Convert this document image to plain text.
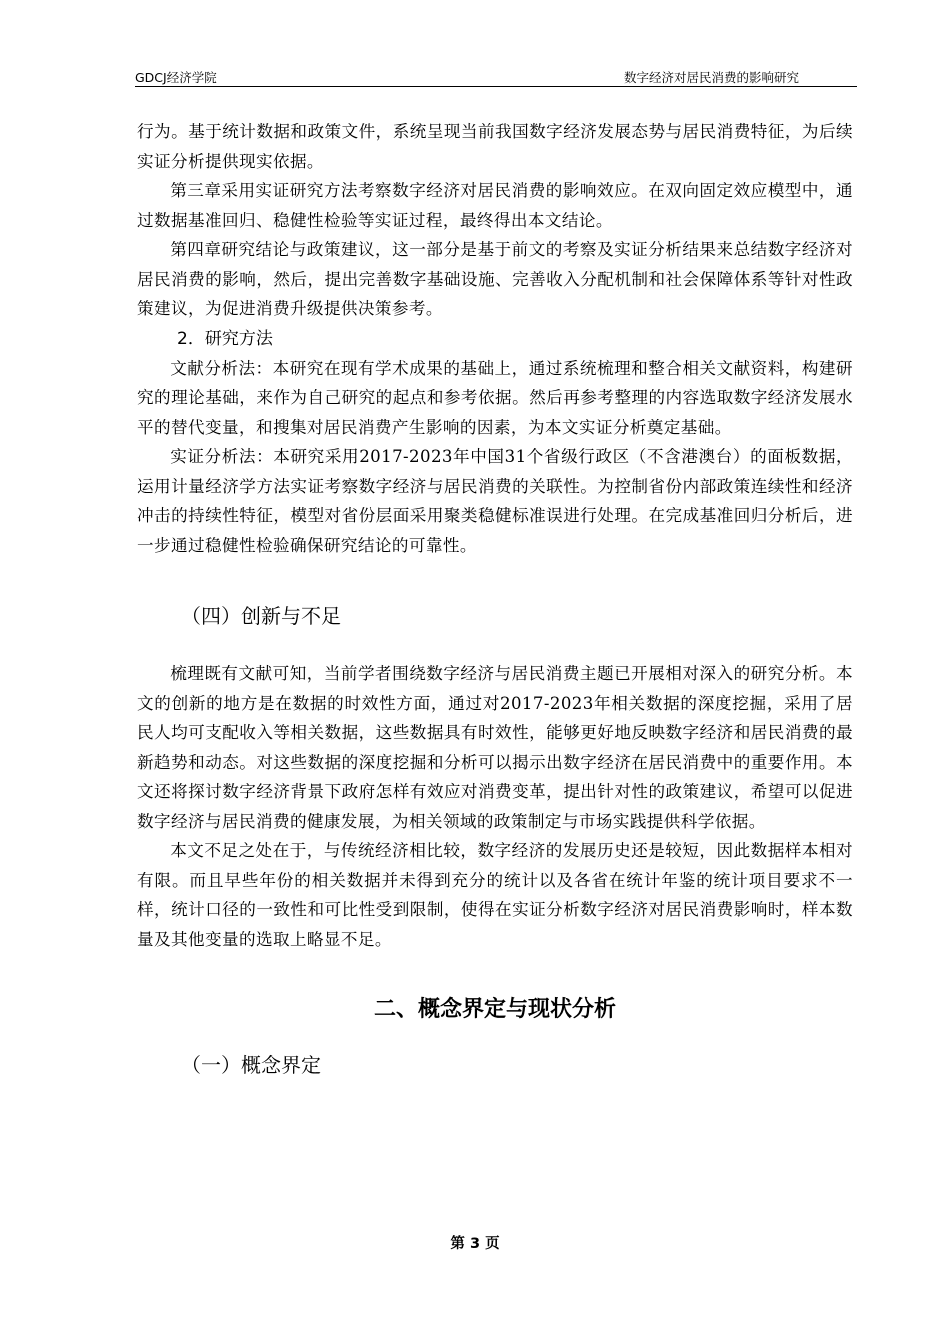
GDCJ经济学院	数字经济对居民消费的影响研究

行为。基于统计数据和政策文件，系统呈现当前我国数字经济发展态势与居民消费特征，为后续实证分析提供现实依据。

第三章采用实证研究方法考察数字经济对居民消费的影响效应。在双向固定效应模型中，通过数据基准回归、稳健性检验等实证过程，最终得出本文结论。

第四章研究结论与政策建议，这一部分是基于前文的考察及实证分析结果来总结数字经济对居民消费的影响，然后，提出完善数字基础设施、完善收入分配机制和社会保障体系等针对性政策建议，为促进消费升级提供决策参考。

2．研究方法

文献分析法：本研究在现有学术成果的基础上，通过系统梳理和整合相关文献资料，构建研究的理论基础，来作为自己研究的起点和参考依据。然后再参考整理的内容选取数字经济发展水平的替代变量，和搜集对居民消费产生影响的因素，为本文实证分析奠定基础。

实证分析法：本研究采用2017-2023年中国31个省级行政区（不含港澳台）的面板数据，运用计量经济学方法实证考察数字经济与居民消费的关联性。为控制省份内部政策连续性和经济冲击的持续性特征，模型对省份层面采用聚类稳健标准误进行处理。在完成基准回归分析后，进一步通过稳健性检验确保研究结论的可靠性。

（四）创新与不足

梳理既有文献可知，当前学者围绕数字经济与居民消费主题已开展相对深入的研究分析。本文的创新的地方是在数据的时效性方面，通过对2017-2023年相关数据的深度挖掘，采用了居民人均可支配收入等相关数据，这些数据具有时效性，能够更好地反映数字经济和居民消费的最新趋势和动态。对这些数据的深度挖掘和分析可以揭示出数字经济在居民消费中的重要作用。本文还将探讨数字经济背景下政府怎样有效应对消费变革，提出针对性的政策建议，希望可以促进数字经济与居民消费的健康发展，为相关领域的政策制定与市场实践提供科学依据。

本文不足之处在于，与传统经济相比较，数字经济的发展历史还是较短，因此数据样本相对有限。而且早些年份的相关数据并未得到充分的统计以及各省在统计年鉴的统计项目要求不一样，统计口径的一致性和可比性受到限制，使得在实证分析数字经济对居民消费影响时，样本数量及其他变量的选取上略显不足。

二、概念界定与现状分析

（一）概念界定

第 3 页
